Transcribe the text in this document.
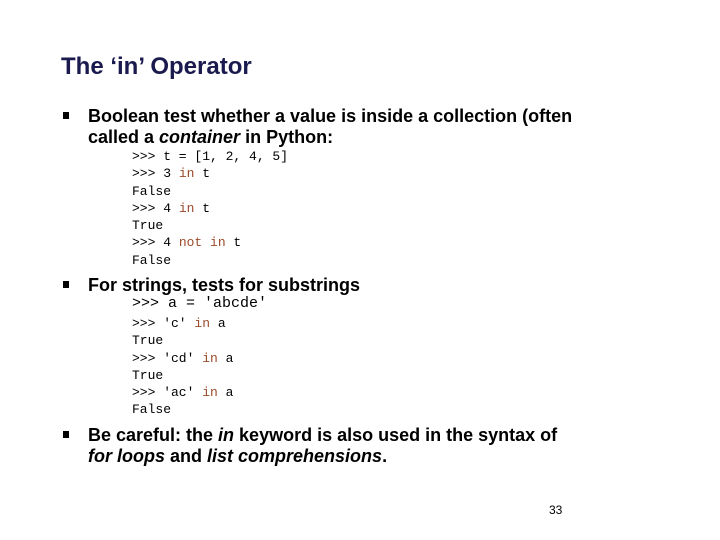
The ‘in’ Operator
Boolean test whether a value is inside a collection (often
called a container in Python:
>>> t = [1, 2, 4, 5]
>>> 3 in t
False
>>> 4 in t
True
>>> 4 not in t
False
For strings, tests for substrings
>>> a = 'abcde'
>>> 'c' in a
True
>>> 'cd' in a
True
>>> 'ac' in a
False
Be careful: the in keyword is also used in the syntax of
for loops and list comprehensions.
33
